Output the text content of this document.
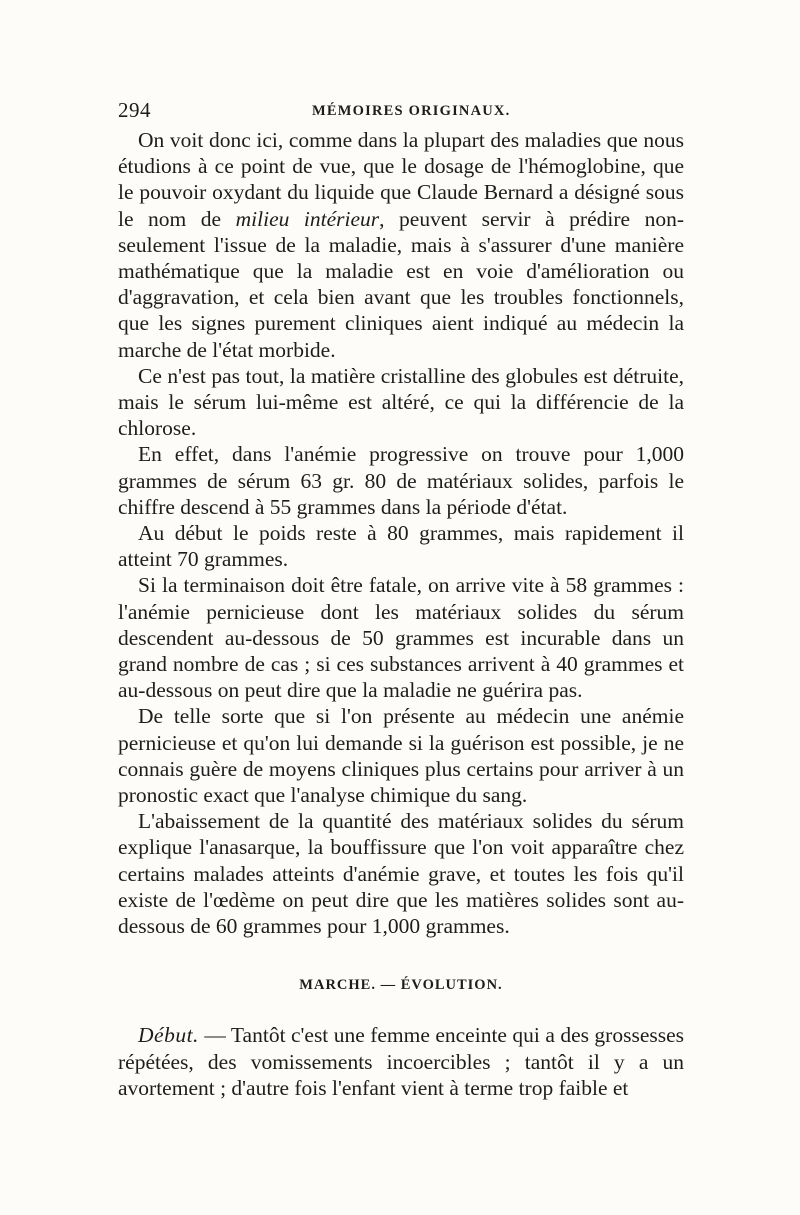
294	MÉMOIRES ORIGINAUX.

On voit donc ici, comme dans la plupart des maladies que nous étudions à ce point de vue, que le dosage de l'hémoglobine, que le pouvoir oxydant du liquide que Claude Bernard a désigné sous le nom de milieu intérieur, peuvent servir à prédire non-seulement l'issue de la maladie, mais à s'assurer d'une manière mathématique que la maladie est en voie d'amélioration ou d'aggravation, et cela bien avant que les troubles fonctionnels, que les signes purement cliniques aient indiqué au médecin la marche de l'état morbide.

Ce n'est pas tout, la matière cristalline des globules est détruite, mais le sérum lui-même est altéré, ce qui la différencie de la chlorose.

En effet, dans l'anémie progressive on trouve pour 1,000 grammes de sérum 63 gr. 80 de matériaux solides, parfois le chiffre descend à 55 grammes dans la période d'état.

Au début le poids reste à 80 grammes, mais rapidement il atteint 70 grammes.

Si la terminaison doit être fatale, on arrive vite à 58 grammes : l'anémie pernicieuse dont les matériaux solides du sérum descendent au-dessous de 50 grammes est incurable dans un grand nombre de cas ; si ces substances arrivent à 40 grammes et au-dessous on peut dire que la maladie ne guérira pas.

De telle sorte que si l'on présente au médecin une anémie pernicieuse et qu'on lui demande si la guérison est possible, je ne connais guère de moyens cliniques plus certains pour arriver à un pronostic exact que l'analyse chimique du sang.

L'abaissement de la quantité des matériaux solides du sérum explique l'anasarque, la bouffissure que l'on voit apparaître chez certains malades atteints d'anémie grave, et toutes les fois qu'il existe de l'œdème on peut dire que les matières solides sont au-dessous de 60 grammes pour 1,000 grammes.

MARCHE. — ÉVOLUTION.

Début. — Tantôt c'est une femme enceinte qui a des grossesses répétées, des vomissements incoercibles ; tantôt il y a un avortement ; d'autre fois l'enfant vient à terme trop faible et
